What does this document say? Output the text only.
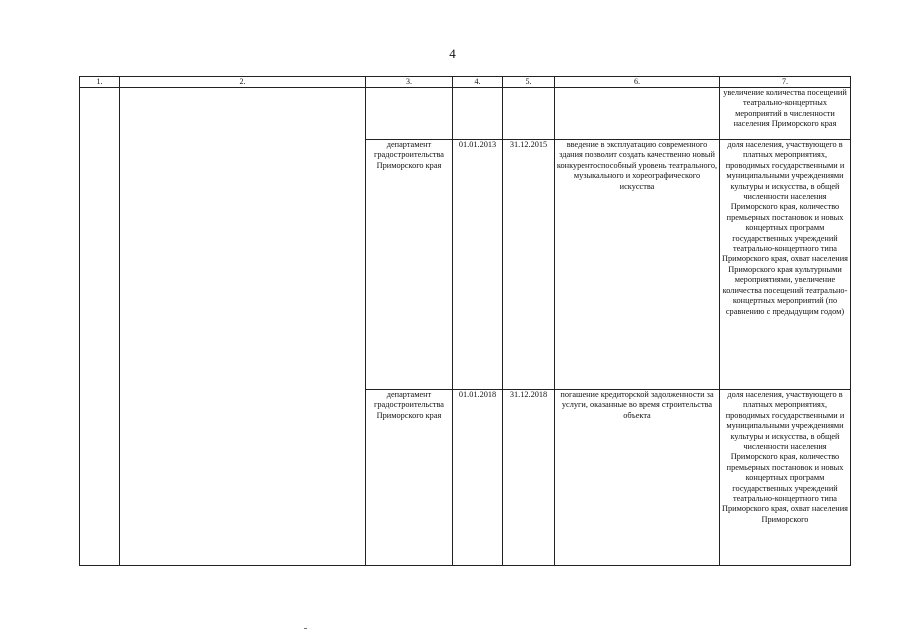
4
1.	2.	3.	4.	5.	6.	7.
						увеличение количества посещений театрально-концертных мероприятий в численности населения Приморского края
		департамент градостроительства Приморского края	01.01.2013	31.12.2015	введение в эксплуатацию современного здания позволит создать качественно новый конкурентоспособный уровень театрального, музыкального и хореографического искусства	доля населения, участвующего в платных мероприятиях, проводимых государственными и муниципальными учреждениями культуры и искусства, в общей численности населения Приморского края, количество премьерных постановок и новых концертных программ государственных учреждений театрально-концертного типа Приморского края, охват населения Приморского края культурными мероприятиями, увеличение количества посещений театрально-концертных мероприятий (по сравнению с предыдущим годом)
		департамент градостроительства Приморского края	01.01.2018	31.12.2018	погашение кредиторской задолженности за услуги, оказанные во время строительства объекта	доля населения, участвующего в платных мероприятиях, проводимых государственными и муниципальными учреждениями культуры и искусства, в общей численности населения Приморского края, количество премьерных постановок и новых концертных программ государственных учреждений театрально-концертного типа Приморского края, охват населения Приморского
